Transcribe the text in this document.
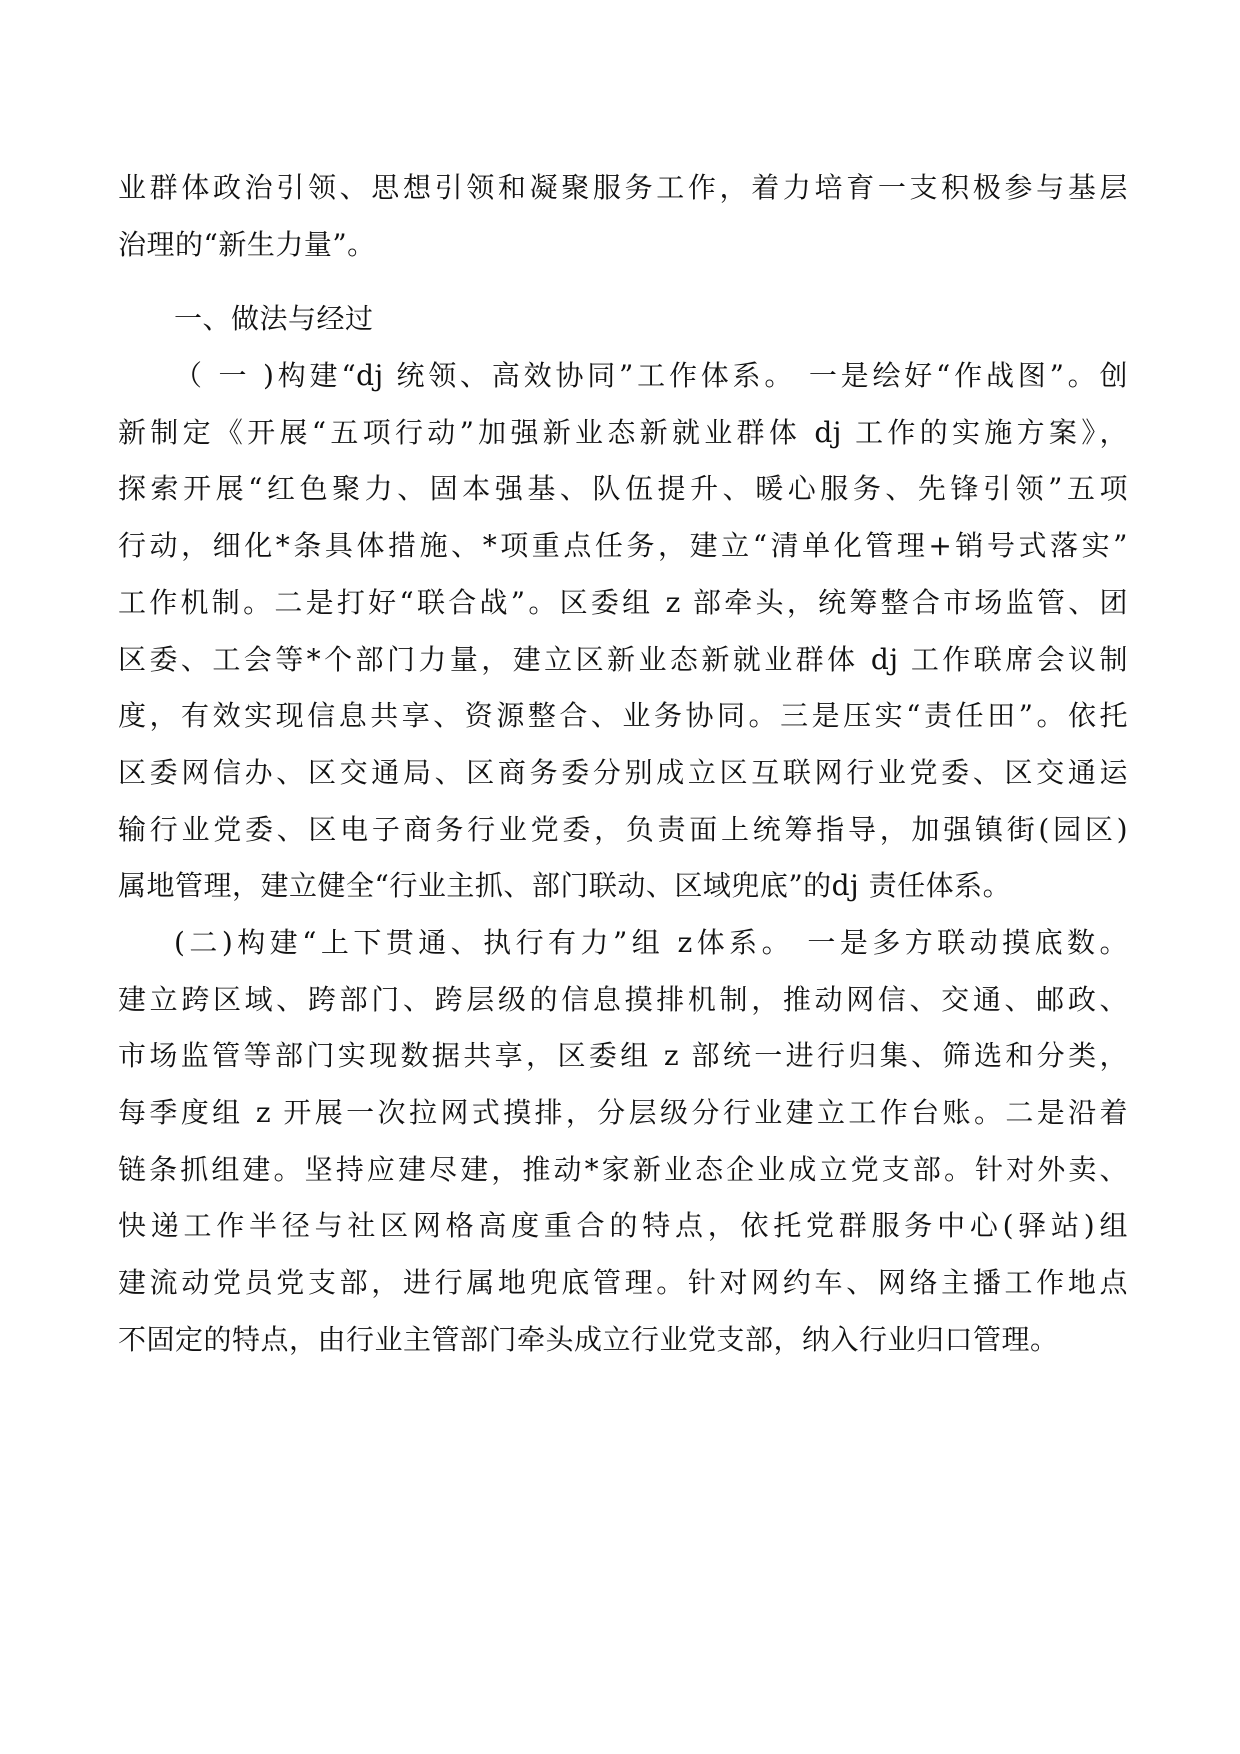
业群体政治引领、思想引领和凝聚服务工作，着力培育一支积极参与基层
治理的“新生力量”。
一、做法与经过
（ 一 )构建“dj 统领、高效协同”工作体系。 一是绘好“作战图”。创
新制定《开展“五项行动”加强新业态新就业群体 dj 工作的实施方案》，
探索开展“红色聚力、固本强基、队伍提升、暖心服务、先锋引领”五项
行动，细化*条具体措施、*项重点任务，建立“清单化管理+销号式落实”
工作机制。二是打好“联合战”。区委组 z 部牵头，统筹整合市场监管、团
区委、工会等*个部门力量，建立区新业态新就业群体 dj 工作联席会议制
度，有效实现信息共享、资源整合、业务协同。三是压实“责任田”。依托
区委网信办、区交通局、区商务委分别成立区互联网行业党委、区交通运
输行业党委、区电子商务行业党委，负责面上统筹指导，加强镇街(园区)
属地管理，建立健全“行业主抓、部门联动、区域兜底”的dj 责任体系。
(二)构建“上下贯通、执行有力”组 z体系。 一是多方联动摸底数。
建立跨区域、跨部门、跨层级的信息摸排机制，推动网信、交通、邮政、
市场监管等部门实现数据共享，区委组 z 部统一进行归集、筛选和分类，
每季度组 z 开展一次拉网式摸排，分层级分行业建立工作台账。二是沿着
链条抓组建。坚持应建尽建，推动*家新业态企业成立党支部。针对外卖、
快递工作半径与社区网格高度重合的特点，依托党群服务中心(驿站)组
建流动党员党支部，进行属地兜底管理。针对网约车、网络主播工作地点
不固定的特点，由行业主管部门牵头成立行业党支部，纳入行业归口管理。
